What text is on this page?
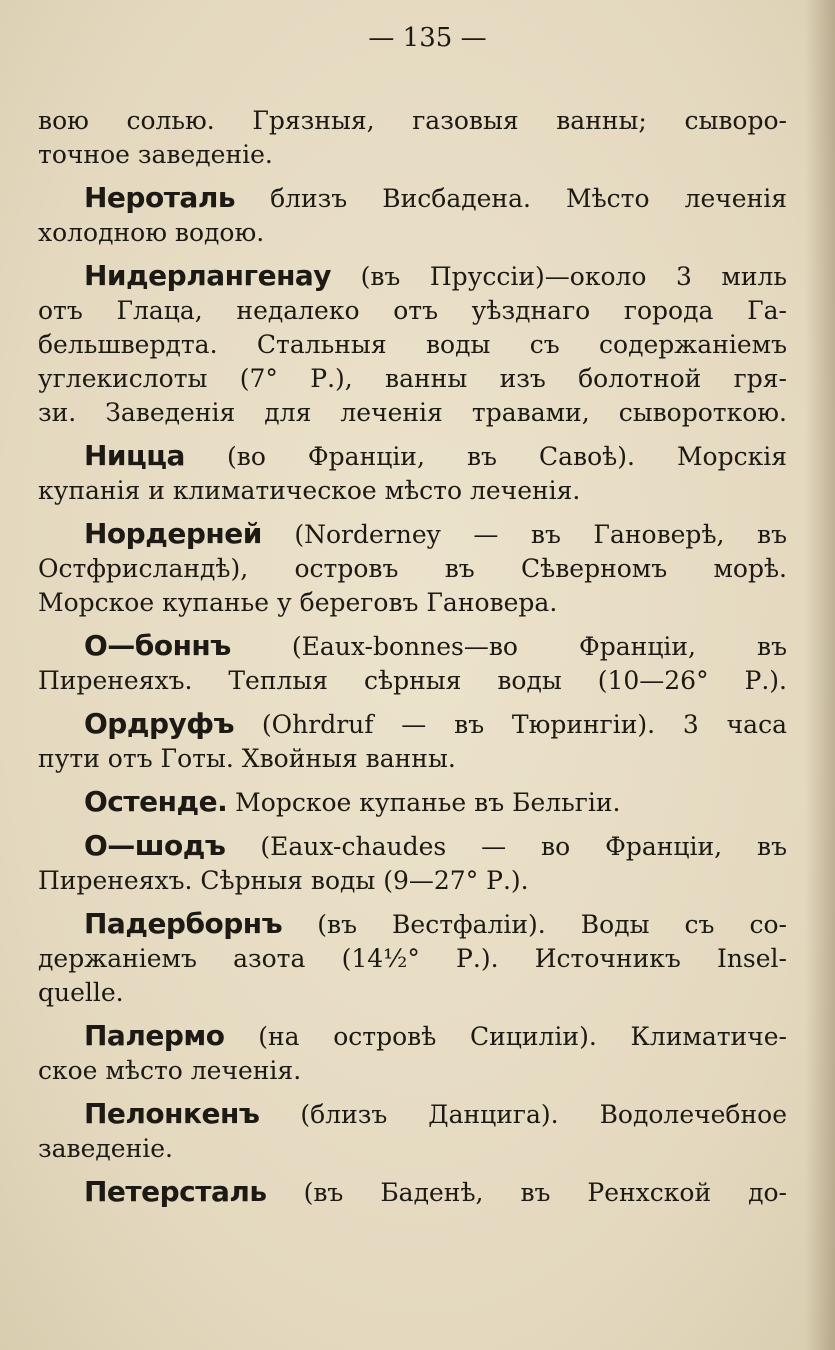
— 135 —

вою солью. Грязныя, газовыя ванны; сыворо-
точное заведеніе.

Нероталь близъ Висбадена. Мѣсто леченія
холодною водою.

Нидерлангенау (въ Пруссіи)—около 3 миль
отъ Глаца, недалеко отъ уѣзднаго города Га-
бельшвердта. Стальныя воды съ содержаніемъ
углекислоты (7° Р.), ванны изъ болотной гря-
зи. Заведенія для леченія травами, сывороткою.

Ницца (во Франціи, въ Савоѣ). Морскія
купанія и климатическое мѣсто леченія.

Нордерней (Norderney — въ Гановерѣ, въ
Остфрисландѣ), островъ въ Сѣверномъ морѣ.
Морское купанье у береговъ Гановера.

О—боннъ (Eaux-bonnes—во Франціи, въ
Пиренеяхъ. Теплыя сѣрныя воды (10—26° Р.).

Ордруфъ (Ohrdruf — въ Тюрингіи). 3 часа
пути отъ Готы. Хвойныя ванны.

Остенде. Морское купанье въ Бельгіи.

О—шодъ (Eaux-chaudes — во Франціи, въ
Пиренеяхъ. Сѣрныя воды (9—27° Р.).

Падерборнъ (въ Вестфаліи). Воды съ со-
держаніемъ азота (14½° Р.). Источникъ Insel-
quelle.

Палермо (на островѣ Сициліи). Климатиче-
ское мѣсто леченія.

Пелонкенъ (близъ Данцига). Водолечебное
заведеніе.

Петерсталь (въ Баденѣ, въ Ренхской до-
